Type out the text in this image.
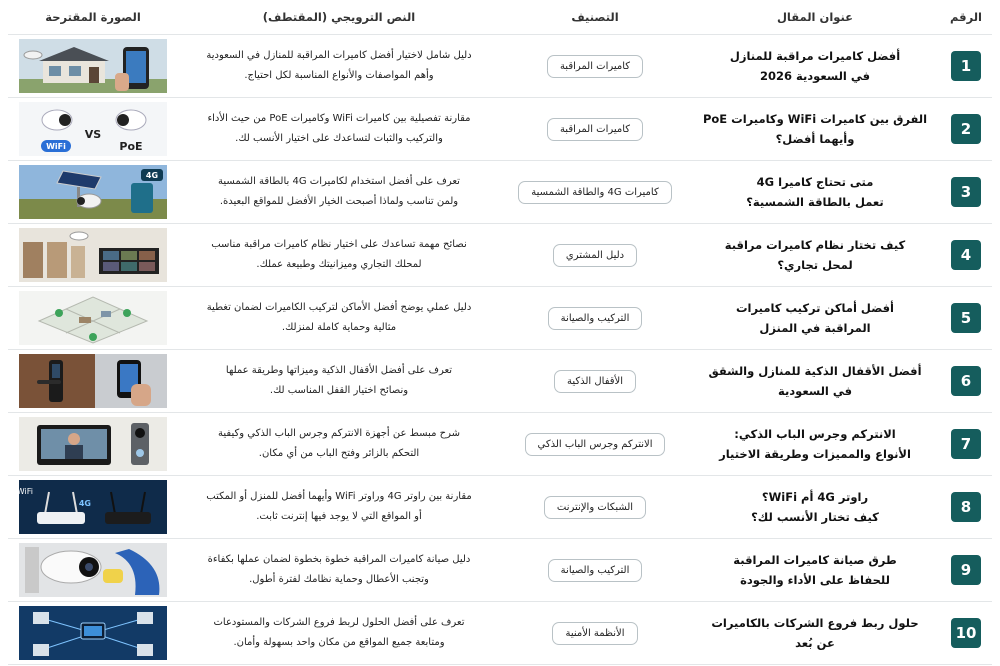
الرقم
عنوان المقال
التصنيف
النص الترويجي (المقتطف)
الصورة المقترحة
1
أفضل كاميرات مراقبة للمنازل
في السعودية 2026
كاميرات المراقبة
دليل شامل لاختيار أفضل كاميرات المراقبة للمنازل في السعودية
وأهم المواصفات والأنواع المناسبة لكل احتياج.
2
الفرق بين كاميرات WiFi وكاميرات PoE
وأيهما أفضل؟
كاميرات المراقبة
مقارنة تفصيلية بين كاميرات WiFi وكاميرات PoE من حيث الأداء
والتركيب والثبات لتساعدك على اختيار الأنسب لك.
WiFi
VS
PoE
3
متى تحتاج كاميرا 4G
تعمل بالطاقة الشمسية؟
كاميرات 4G والطاقة الشمسية
تعرف على أفضل استخدام لكاميرات 4G بالطاقة الشمسية
ولمن تناسب ولماذا أصبحت الخيار الأفضل للمواقع البعيدة.
4G
4
كيف تختار نظام كاميرات مراقبة
لمحل تجاري؟
دليل المشتري
نصائح مهمة تساعدك على اختيار نظام كاميرات مراقبة مناسب
لمحلك التجاري وميزانيتك وطبيعة عملك.
5
أفضل أماكن تركيب كاميرات
المراقبة في المنزل
التركيب والصيانة
دليل عملي يوضح أفضل الأماكن لتركيب الكاميرات لضمان تغطية
مثالية وحماية كاملة لمنزلك.
6
أفضل الأقفال الذكية للمنازل والشقق
في السعودية
الأقفال الذكية
تعرف على أفضل الأقفال الذكية وميزاتها وطريقة عملها
ونصائح اختيار القفل المناسب لك.
7
الانتركم وجرس الباب الذكي:
الأنواع والمميزات وطريقة الاختيار
الانتركم وجرس الباب الذكي
شرح مبسط عن أجهزة الانتركم وجرس الباب الذكي وكيفية
التحكم بالزائر وفتح الباب من أي مكان.
8
راوتر 4G أم WiFi؟
كيف تختار الأنسب لك؟
الشبكات والإنترنت
مقارنة بين راوتر 4G وراوتر WiFi وأيهما أفضل للمنزل أو المكتب
أو المواقع التي لا يوجد فيها إنترنت ثابت.
WiFi
4G
9
طرق صيانة كاميرات المراقبة
للحفاظ على الأداء والجودة
التركيب والصيانة
دليل صيانة كاميرات المراقبة خطوة بخطوة لضمان عملها بكفاءة
وتجنب الأعطال وحماية نظامك لفترة أطول.
10
حلول ربط فروع الشركات بالكاميرات
عن بُعد
الأنظمة الأمنية
تعرف على أفضل الحلول لربط فروع الشركات والمستودعات
ومتابعة جميع المواقع من مكان واحد بسهولة وأمان.
